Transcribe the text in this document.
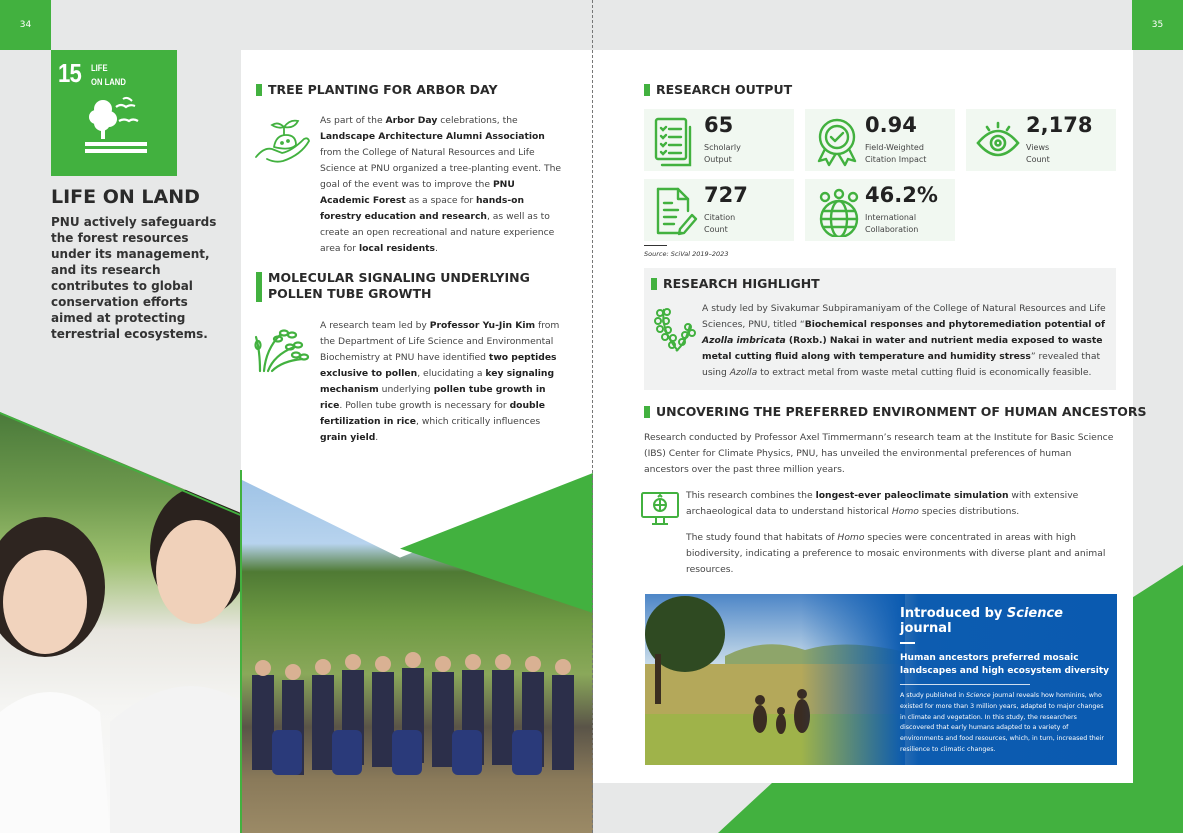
34	35
15 LIFE
ON LAND
LIFE ON LAND
PNU actively safeguards the forest resources under its management, and its research contributes to global conservation efforts aimed at protecting terrestrial ecosystems.
TREE PLANTING FOR ARBOR DAY
As part of the Arbor Day celebrations, the Landscape Architecture Alumni Association from the College of Natural Resources and Life Science at PNU organized a tree-planting event. The goal of the event was to improve the PNU Academic Forest as a space for hands-on forestry education and research, as well as to create an open recreational and nature experience area for local residents.
MOLECULAR SIGNALING UNDERLYING POLLEN TUBE GROWTH
A research team led by Professor Yu-Jin Kim from the Department of Life Science and Environmental Biochemistry at PNU have identified two peptides exclusive to pollen, elucidating a key signaling mechanism underlying pollen tube growth in rice. Pollen tube growth is necessary for double fertilization in rice, which critically influences grain yield.
RESEARCH OUTPUT
65
Scholarly
Output
0.94
Field-Weighted
Citation Impact
2,178
Views
Count
727
Citation
Count
46.2%
International
Collaboration
Source: SciVal 2019–2023
RESEARCH HIGHLIGHT
A study led by Sivakumar Subpiramaniyam of the College of Natural Resources and Life Sciences, PNU, titled “Biochemical responses and phytoremediation potential of Azolla imbricata (Roxb.) Nakai in water and nutrient media exposed to waste metal cutting fluid along with temperature and humidity stress” revealed that using Azolla to extract metal from waste metal cutting fluid is economically feasible.
UNCOVERING THE PREFERRED ENVIRONMENT OF HUMAN ANCESTORS
Research conducted by Professor Axel Timmermann’s research team at the Institute for Basic Science (IBS) Center for Climate Physics, PNU, has unveiled the environmental preferences of human ancestors over the past three million years.
This research combines the longest-ever paleoclimate simulation with extensive archaeological data to understand historical Homo species distributions.
The study found that habitats of Homo species were concentrated in areas with high biodiversity, indicating a preference to mosaic environments with diverse plant and animal resources.
Introduced by Science journal
Human ancestors preferred mosaic landscapes and high ecosystem diversity
A study published in Science journal reveals how hominins, who existed for more than 3 million years, adapted to major changes in climate and vegetation. In this study, the researchers discovered that early humans adapted to a variety of environments and food resources, which, in turn, increased their resilience to climatic changes.
